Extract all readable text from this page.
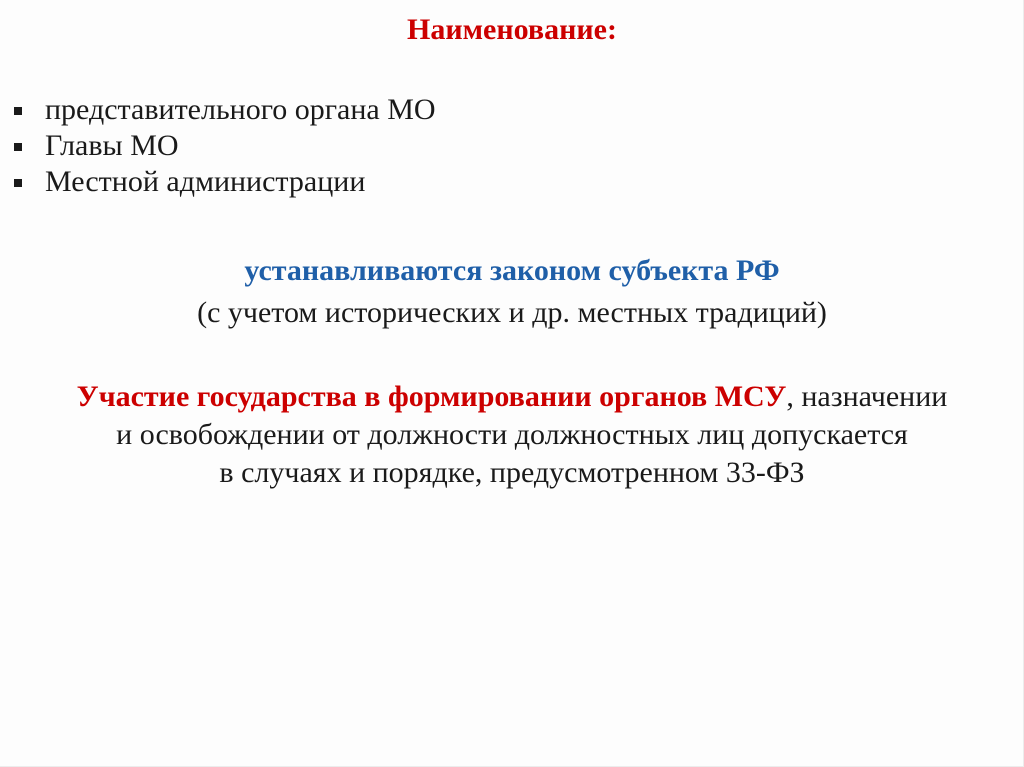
Наименование:
представительного органа МО
Главы МО
Местной администрации
устанавливаются законом субъекта РФ
(с учетом исторических и др. местных традиций)
Участие государства в формировании органов МСУ, назначении
и освобождении от должности должностных лиц допускается
в случаях и порядке, предусмотренном 33-ФЗ
